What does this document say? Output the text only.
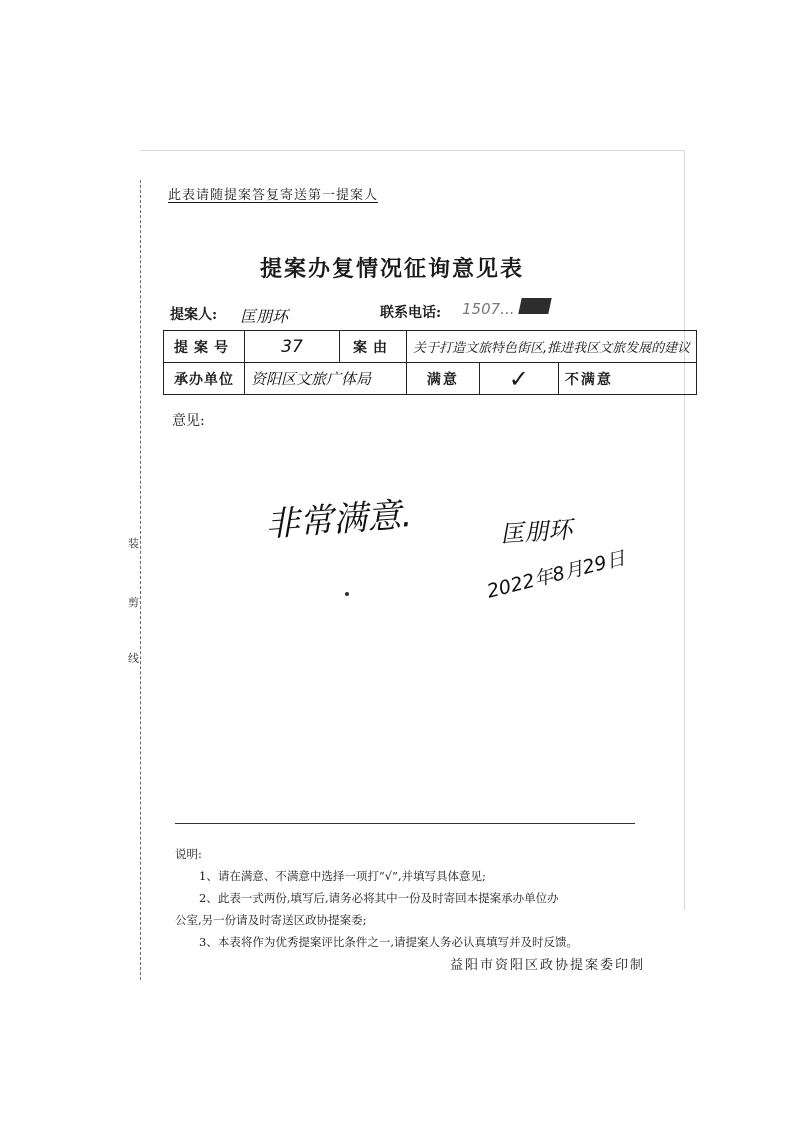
装
剪
线
此表请随提案答复寄送第一提案人
提案办复情况征询意见表
提案人: 匡朋环	联系电话: 1507...
提案号	37	案由	关于打造文旅特色街区,推进我区文旅发展的建议		
承办单位	资阳区文旅广体局		满意	✓	不满意
意见:
非常满意.	匡朋环
2022年8月29日
说明:
1、请在满意、不满意中选择一项打“√”,并填写具体意见;
2、此表一式两份,填写后,请务必将其中一份及时寄回本提案承办单位办
公室,另一份请及时寄送区政协提案委;
3、本表将作为优秀提案评比条件之一,请提案人务必认真填写并及时反馈。
益阳市资阳区政协提案委印制
